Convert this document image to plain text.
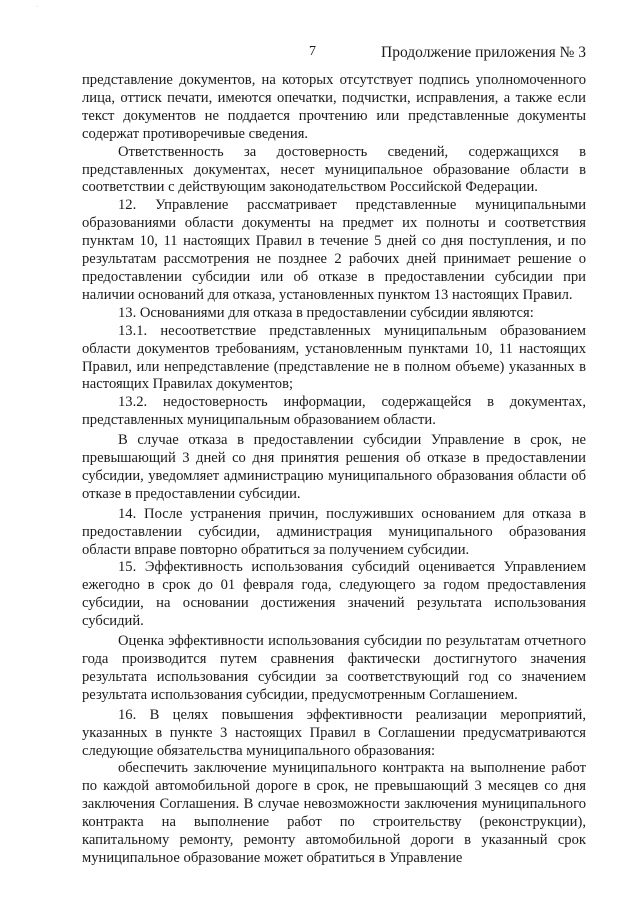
·
7	Продолжение приложения № 3

представление документов, на которых отсутствует подпись уполномоченного лица, оттиск печати, имеются опечатки, подчистки, исправления, а также если текст документов не поддается прочтению или представленные документы содержат противоречивые сведения.

Ответственность за достоверность сведений, содержащихся в представленных документах, несет муниципальное образование области в соответствии с действующим законодательством Российской Федерации.

12. Управление рассматривает представленные муниципальными образованиями области документы на предмет их полноты и соответствия пунктам 10, 11 настоящих Правил в течение 5 дней со дня поступления, и по результатам рассмотрения не позднее 2 рабочих дней принимает решение о предоставлении субсидии или об отказе в предоставлении субсидии при наличии оснований для отказа, установленных пунктом 13 настоящих Правил.

13. Основаниями для отказа в предоставлении субсидии являются:

13.1. несоответствие представленных муниципальным образованием области документов требованиям, установленным пунктами 10, 11 настоящих Правил, или непредставление (представление не в полном объеме) указанных в настоящих Правилах документов;

13.2. недостоверность информации, содержащейся в документах, представленных муниципальным образованием области.

В случае отказа в предоставлении субсидии Управление в срок, не превышающий 3 дней со дня принятия решения об отказе в предоставлении субсидии, уведомляет администрацию муниципального образования области об отказе в предоставлении субсидии.

14. После устранения причин, послуживших основанием для отказа в предоставлении субсидии, администрация муниципального образования области вправе повторно обратиться за получением субсидии.

15. Эффективность использования субсидий оценивается Управлением ежегодно в срок до 01 февраля года, следующего за годом предоставления субсидии, на основании достижения значений результата использования субсидий.

Оценка эффективности использования субсидии по результатам отчетного года производится путем сравнения фактически достигнутого значения результата использования субсидии за соответствующий год со значением результата использования субсидии, предусмотренным Соглашением.

16. В целях повышения эффективности реализации мероприятий, указанных в пункте 3 настоящих Правил в Соглашении предусматриваются следующие обязательства муниципального образования:

обеспечить заключение муниципального контракта на выполнение работ по каждой автомобильной дороге в срок, не превышающий 3 месяцев со дня заключения Соглашения. В случае невозможности заключения муниципального контракта на выполнение работ по строительству (реконструкции), капитальному ремонту, ремонту автомобильной дороги в указанный срок муниципальное образование может обратиться в Управление
